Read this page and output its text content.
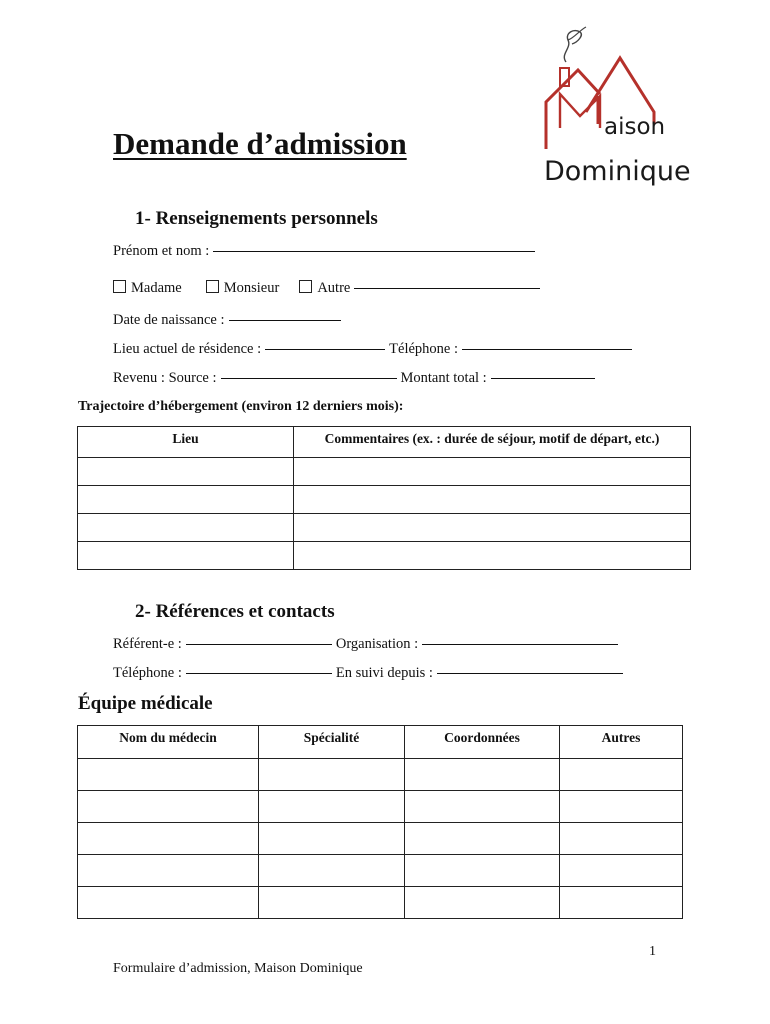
aison
Dominique
Demande d’admission
1- Renseignements personnels
Prénom et nom :
Madame	Monsieur	Autre
Date de naissance :
Lieu actuel de résidence :	Téléphone :
Revenu : Source :	Montant total :
Trajectoire d’hébergement (environ 12 derniers mois):
Lieu	Commentaires (ex. : durée de séjour, motif de départ, etc.)

2- Références et contacts
Référent-e :	Organisation :
Téléphone :	En suivi depuis :
Équipe médicale
Nom du médecin	Spécialité	Coordonnées	Autres

1
Formulaire d’admission, Maison Dominique
